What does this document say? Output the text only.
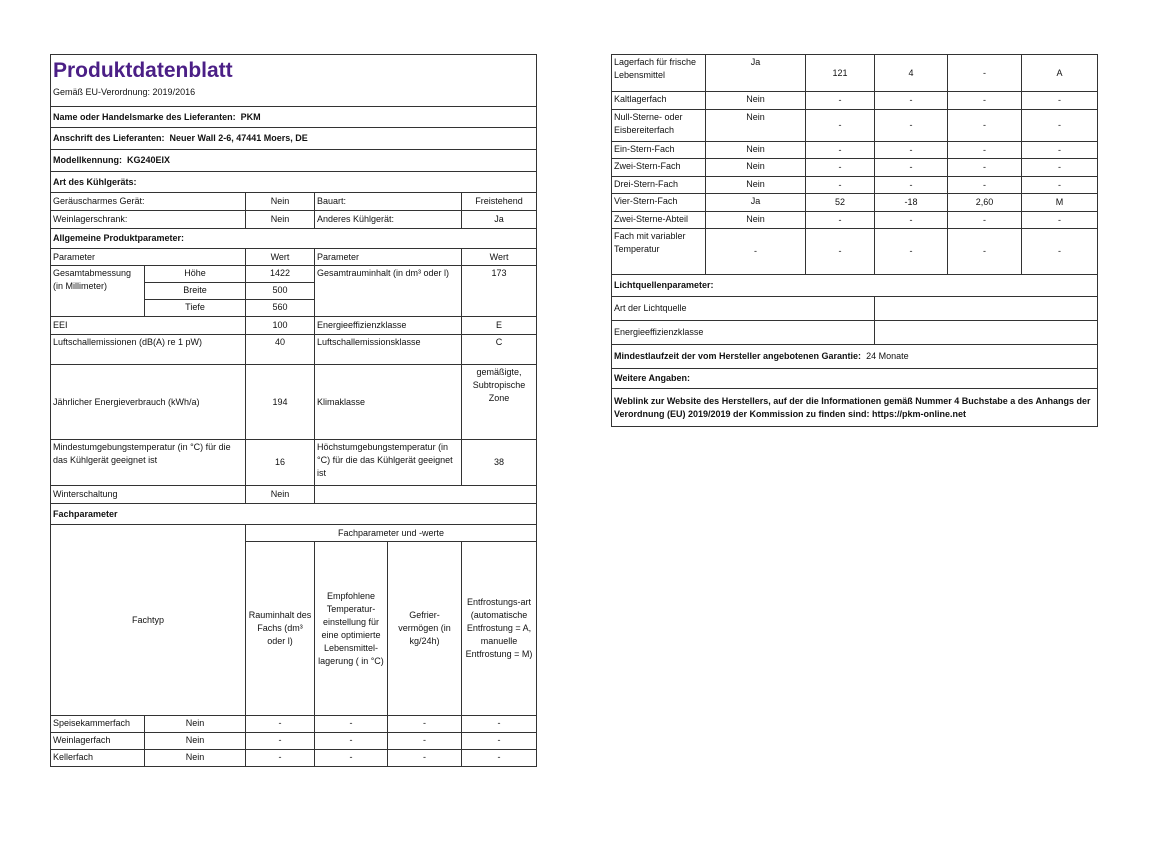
Produktdatenblatt
Gemäß EU-Verordnung: 2019/2016					

Name oder Handelsmarke des Lieferanten: PKM					
Anschrift des Lieferanten: Neuer Wall 2-6, 47441 Moers, DE					
Modellkennung: KG240EIX					
Art des Kühlgeräts:					
Geräuscharmes Gerät:		Nein	Bauart:		Freistehend
Weinlagerschrank:		Nein	Anderes Kühlgerät:		Ja
Allgemeine Produktparameter:					
Parameter		Wert	Parameter		Wert
Gesamtabmessung (in Millimeter)	Höhe	1422	Gesamtrauminhalt (in dm³ oder l)		173
	Breite	500			
	Tiefe	560			
EEI		100	Energieeffizienzklasse		E
Luftschallemissionen (dB(A) re 1 pW)		40	Luftschallemissionsklasse		C
Jährlicher Energieverbrauch (kWh/a)		194	Klimaklasse		gemäßigte, Subtropische Zone
Mindestumgebungstemperatur (in °C) für die das Kühlgerät geeignet ist		16	Höchstumgebungstemperatur (in °C) für die das Kühlgerät geeignet ist		38
Winterschaltung		Nein			
Fachparameter					
Fachtyp		Fachparameter und -werte			
		Rauminhalt des Fachs (dm³ oder l)	Empfohlene Temperatur-einstellung für eine optimierte Lebensmittel-lagerung ( in °C)	Gefrier-vermögen (in kg/24h)	Entfrostungs-art (automatische Entfrostung = A, manuelle Entfrostung = M)
Speisekammerfach	Nein	-	-	-	-
Weinlagerfach	Nein	-	-	-	-
Kellerfach	Nein	-	-	-	-
Lagerfach für frische Lebensmittel	Ja	121	4	-	A
Kaltlagerfach	Nein	-	-	-	-
Null-Sterne- oder Eisbereiterfach	Nein	-	-	-	-
Ein-Stern-Fach	Nein	-	-	-	-
Zwei-Stern-Fach	Nein	-	-	-	-
Drei-Stern-Fach	Nein	-	-	-	-
Vier-Stern-Fach	Ja	52	-18	2,60	M
Zwei-Sterne-Abteil	Nein	-	-	-	-
Fach mit variabler Temperatur	-	-	-	-	-
Lichtquellenparameter:	
Art der Lichtquelle	
Energieeffizienzklasse	
Mindestlaufzeit der vom Hersteller angebotenen Garantie: 24 Monate	
Weitere Angaben:	
Weblink zur Website des Herstellers, auf der die Informationen gemäß Nummer 4 Buchstabe a des Anhangs der Verordnung (EU) 2019/2019 der Kommission zu finden sind: https://pkm-online.net	
